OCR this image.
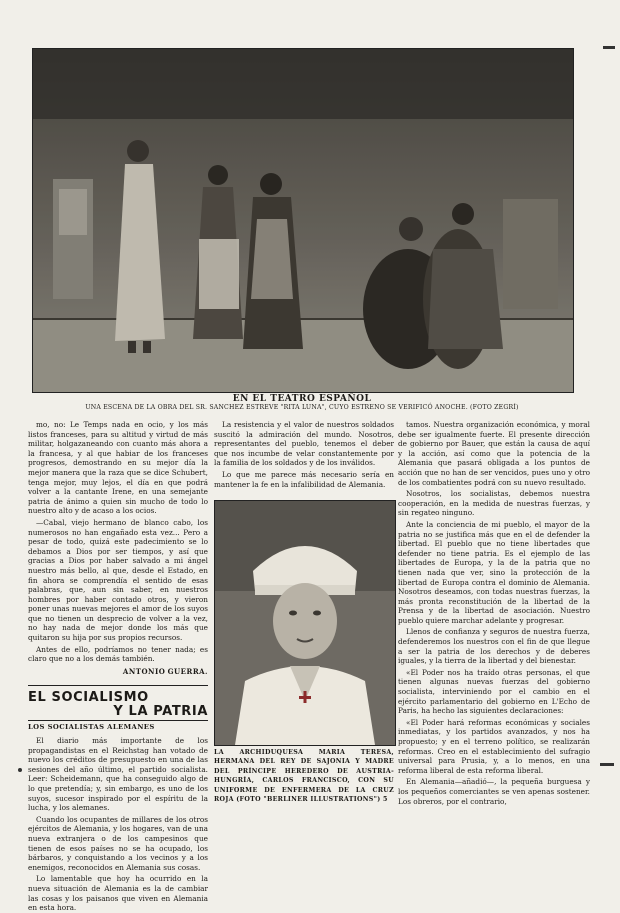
EN EL TEATRO ESPAÑOL
UNA ESCENA DE LA OBRA DEL SR. SANCHEZ ESTREVE "RITA LUNA", CUYO ESTRENO SE VERIFICÓ ANOCHE. (FOTO ZEGRÍ)

mo, no: Le Temps nada en ocio, y los más listos franceses, para su altitud y virtud de más militar, holgazaneando con cuanto más ahora a la francesa, y al que habiar de los franceses progresos, demostrando en su mejor día la mejor manera que la raza que se dice Schubert, tenga mejor, muy lejos, el día en que podrá volver a la cantante Irene, en una semejante patria de ánimo a quien sin mucho de todo lo nuestro alto y de acaso a los ocios.

—Cabal, viejo hermano de blanco cabo, los numerosos no han engañado esta vez... Pero a pesar de todo, quizá este padecimiento se lo debamos a Dios por ser tiempos, y así que gracias a Dios por haber salvado a mi ángel nuestro más bello, al que, desde el Estado, en fin ahora se comprendía el sentido de esas palabras, que, aun sin saber, en nuestros hombres por haber contado otros, y vieron poner unas nuevas mejores el amor de los suyos que no tienen un desprecio de volver a la vez, no hay nada de mejor donde los más que quitaron su hija por sus propios recursos.

Antes de ello, podríamos no tener nada; es claro que no a los demás también.

ANTONIO GUERRA.
EL SOCIALISMO
Y LA PATRIA
LOS SOCIALISTAS ALEMANES

El diario más importante de los propagandistas en el Reichstag han votado de nuevo los créditos de presupuesto en una de las sesiones del año último, el partido socialista. Leer: Scheidemann, que ha conseguido algo de lo que pretendía; y, sin embargo, es uno de los suyos, sucesor inspirado por el espíritu de la lucha, y los alemanes.

Cuando los ocupantes de millares de los otros ejércitos de Alemania, y los hogares, van de una nueva extranjera o de los campesinos que tienen de esos países no se ha ocupado, los bárbaros, y conquistando a los vecinos y a los enemigos, reconocidos en Alemania sus cosas.

Lo lamentable que hoy ha ocurrido en la nueva situación de Alemania es la de cambiar las cosas y los paisanos que viven en Alemania en esta hora.

La resistencia y el valor de nuestros soldados suscitó la admiración del mundo. Nosotros, representantes del pueblo, tenemos el deber que nos incumbe de velar constantemente por la familia de los soldados y de los inválidos.

Lo que me parece más necesario sería en mantener la fe en la infalibilidad de Alemania.

LA ARCHIDUQUESA MARIA TERESA, HERMANA DEL REY DE SAJONIA Y MADRE DEL PRÍNCIPE HEREDERO DE AUSTRIA-HUNGRÍA, CARLOS FRANCISCO, CON SU UNIFORME DE ENFERMERA DE LA CRUZ ROJA (FOTO "BERLINER ILLUSTRATIONS") 5

tamos. Nuestra organización económica, y moral debe ser igualmente fuerte. El presente dirección de gobierno por Bauer, que están la causa de aquí y la acción, así como que la potencia de la Alemania que pasará obligada a los puntos de acción que no han de ser vencidos, pues uno y otro de los combatientes podrá con su nuevo resultado.

Nosotros, los socialistas, debemos nuestra cooperación, en la medida de nuestras fuerzas, y sin regateo ninguno.

Ante la conciencia de mi pueblo, el mayor de la patria no se justifica más que en el de defender la libertad. El pueblo que no tiene libertades que defender no tiene patria. Es el ejemplo de las libertades de Europa, y la de la patria que no tienen nada que ver, sino la protección de la libertad de Europa contra el dominio de Alemania. Nosotros deseamos, con todas nuestras fuerzas, la más pronta reconstitución de la libertad de la Prensa y de la libertad de asociación. Nuestro pueblo quiere marchar adelante y progresar.

Llenos de confianza y seguros de nuestra fuerza, defenderemos los nuestros con el fin de que llegue a ser la patria de los derechos y de deberes iguales, y la tierra de la libertad y del bienestar.

«El Poder nos ha traído otras personas, el que tienen algunas nuevas fuerzas del gobierno socialista, interviniendo por el cambio en el ejército parlamentario del gobierno en L'Echo de Paris, ha hecho las siguientes declaraciones:

«El Poder hará reformas económicas y sociales inmediatas, y los partidos avanzados, y nos ha propuesto; y en el terreno político, se realizarán reformas. Creo en el establecimiento del sufragio universal para Prusia, y, a lo menos, en una reforma liberal de esta reforma liberal.

En Alemania—añadió—, la pequeña burguesa y los pequeños comerciantes se ven apenas sostener. Los obreros, por el contrario,
